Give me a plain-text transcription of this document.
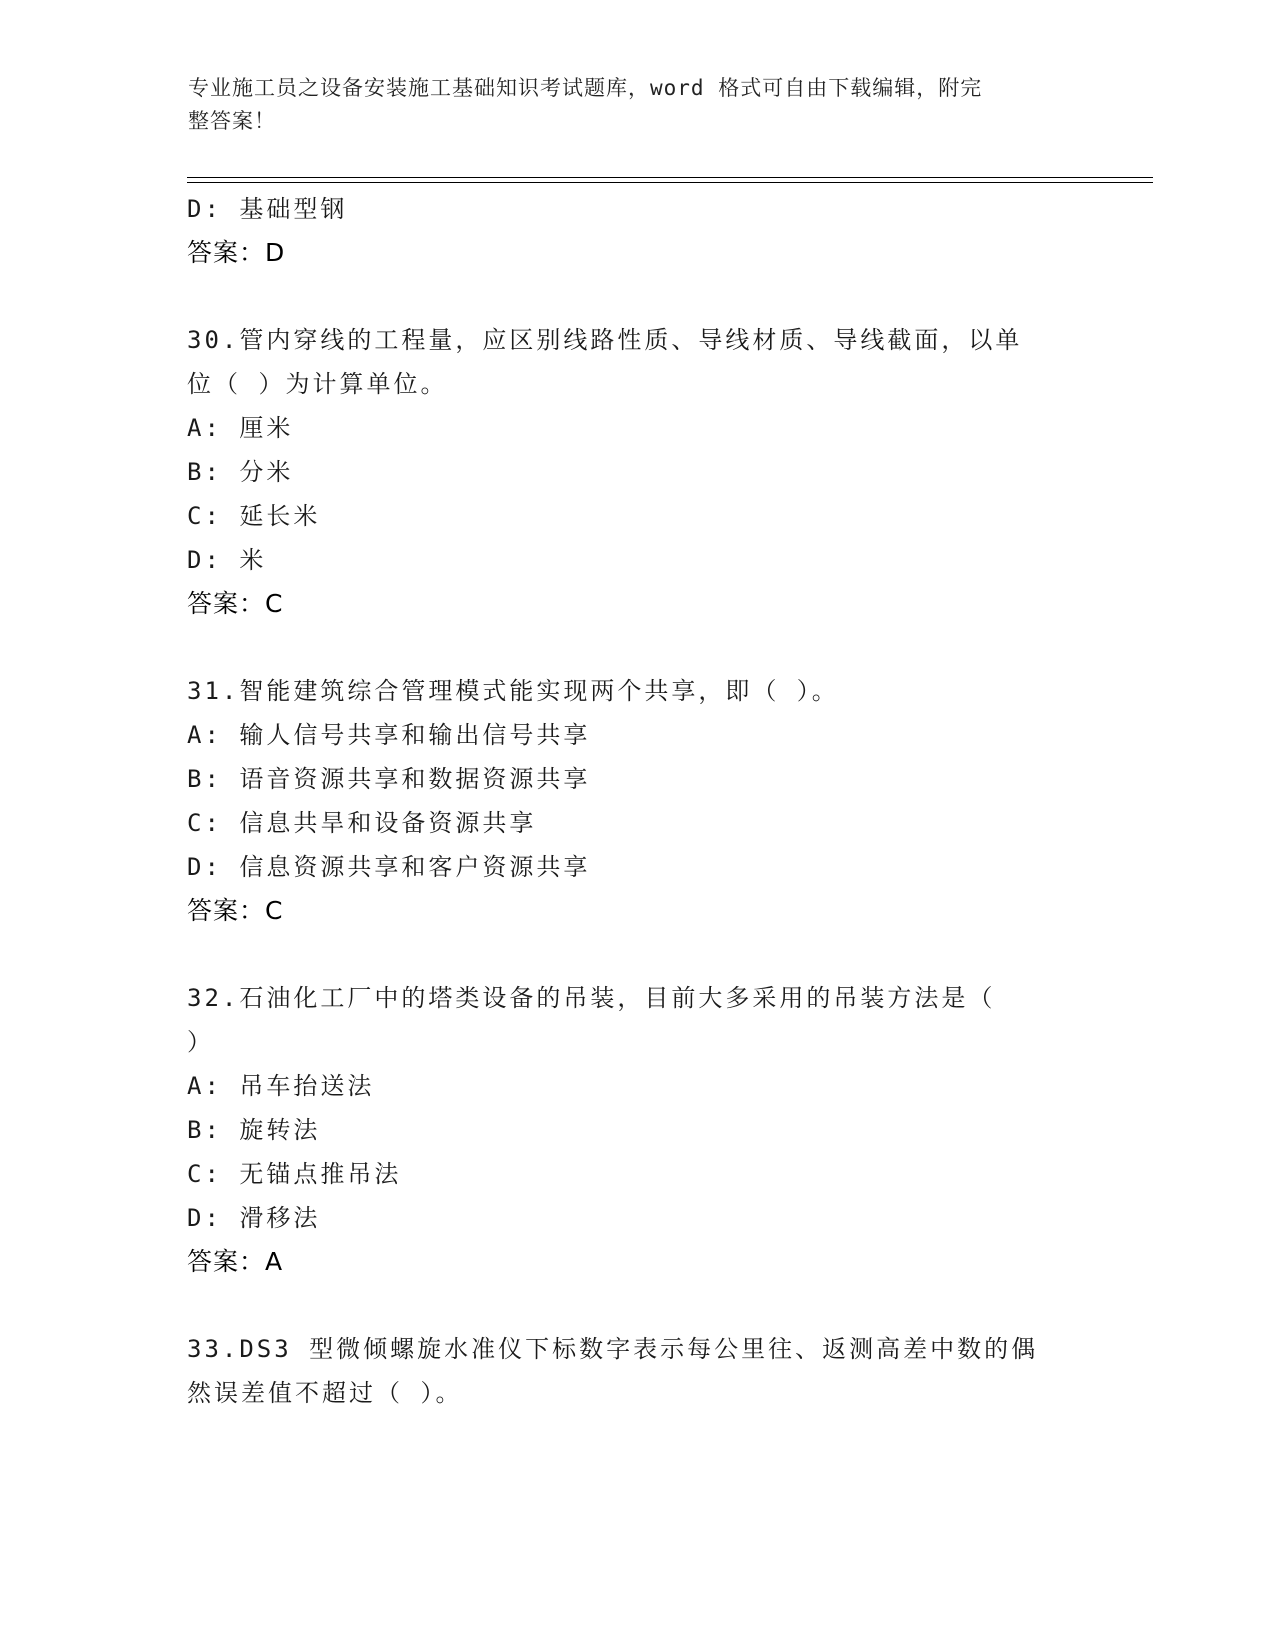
专业施工员之设备安装施工基础知识考试题库，word 格式可自由下载编辑，附完
整答案！
D: 基础型钢
答案：D
30.管内穿线的工程量，应区别线路性质、导线材质、导线截面，以单
位（ ）为计算单位。
A: 厘米
B: 分米
C: 延长米
D: 米
答案：C
31.智能建筑综合管理模式能实现两个共享，即（ ）。
A: 输人信号共享和输出信号共享
B: 语音资源共享和数据资源共享
C: 信息共旱和设备资源共享
D: 信息资源共享和客户资源共享
答案：C
32.石油化工厂中的塔类设备的吊装，目前大多采用的吊装方法是（
）
A: 吊车抬送法
B: 旋转法
C: 无锚点推吊法
D: 滑移法
答案：A
33.DS3 型微倾螺旋水准仪下标数字表示每公里往、返测高差中数的偶
然误差值不超过（ ）。
